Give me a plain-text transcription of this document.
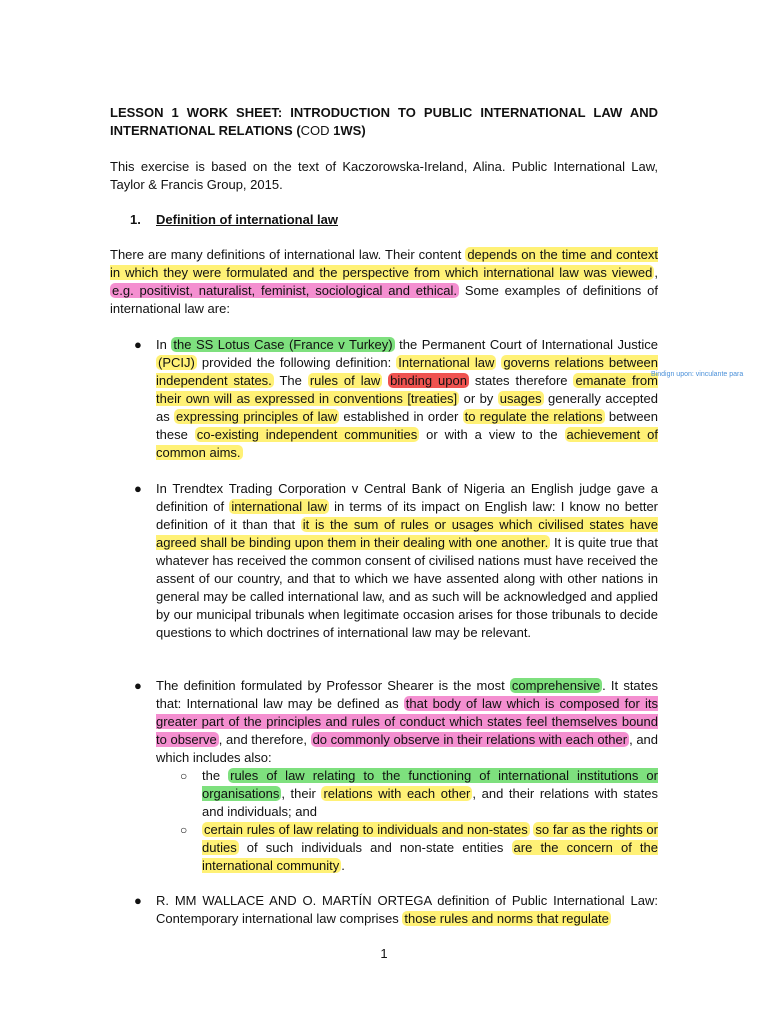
LESSON 1 WORK SHEET: INTRODUCTION TO PUBLIC INTERNATIONAL LAW AND INTERNATIONAL RELATIONS (COD 1WS)
This exercise is based on the text of Kaczorowska-Ireland, Alina. Public International Law, Taylor & Francis Group, 2015.
1. Definition of international law
There are many definitions of international law. Their content depends on the time and context in which they were formulated and the perspective from which international law was viewed , e.g. positivist, naturalist, feminist, sociological and ethical. Some examples of definitions of international law are:
● In the SS Lotus Case (France v Turkey) the Permanent Court of International Justice (PCIJ) provided the following definition: International law governs relations between independent states. The rules of law binding upon states therefore emanate from their own will as expressed in conventions [treaties] or by usages generally accepted as expressing principles of law established in order to regulate the relations between these co-existing independent communities or with a view to the achievement of common aims.
Bindign upon: vinculante para
● In Trendtex Trading Corporation v Central Bank of Nigeria an English judge gave a definition of international law in terms of its impact on English law: I know no better definition of it than that it is the sum of rules or usages which civilised states have agreed shall be binding upon them in their dealing with one another. It is quite true that whatever has received the common consent of civilised nations must have received the assent of our country, and that to which we have assented along with other nations in general may be called international law, and as such will be acknowledged and applied by our municipal tribunals when legitimate occasion arises for those tribunals to decide questions to which doctrines of international law may be relevant.
● The definition formulated by Professor Shearer is the most comprehensive . It states that: International law may be defined as that body of law which is composed for its greater part of the principles and rules of conduct which states feel themselves bound to observe , and therefore, do commonly observe in their relations with each other , and which includes also:
○ the rules of law relating to the functioning of international institutions or organisations , their relations with each other , and their relations with states and individuals; and
○ certain rules of law relating to individuals and non-states so far as the rights or duties of such individuals and non-state entities are the concern of the international community .
● R. MM WALLACE AND O. MARTÍN ORTEGA definition of Public International Law: Contemporary international law comprises those rules and norms that regulate
1
